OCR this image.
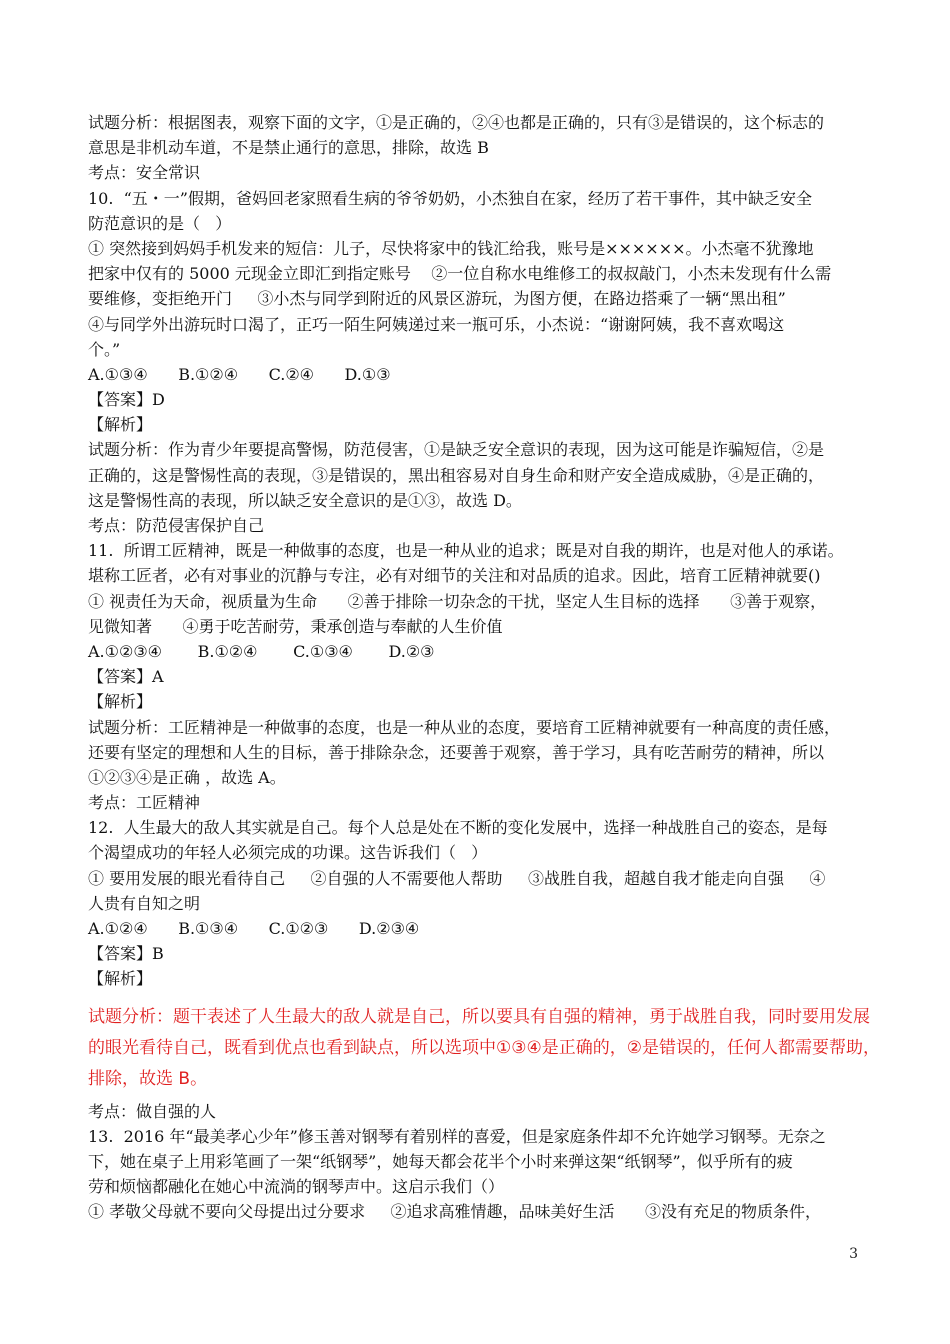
试题分析：根据图表，观察下面的文字，①是正确的，②④也都是正确的，只有③是错误的，这个标志的
意思是非机动车道，不是禁止通行的意思，排除，故选 B
考点：安全常识
10.  “五・一”假期，爸妈回老家照看生病的爷爷奶奶，小杰独自在家，经历了若干事件，其中缺乏安全
防范意识的是（   ）
① 突然接到妈妈手机发来的短信：儿子，尽快将家中的钱汇给我，账号是××××××。小杰毫不犹豫地
把家中仅有的 5000 元现金立即汇到指定账号    ②一位自称水电维修工的叔叔敲门，小杰未发现有什么需
要维修，变拒绝开门     ③小杰与同学到附近的风景区游玩，为图方便，在路边搭乘了一辆“黑出租”
④与同学外出游玩时口渴了，正巧一陌生阿姨递过来一瓶可乐，小杰说：“谢谢阿姨，我不喜欢喝这
个。”
A.①③④      B.①②④      C.②④      D.①③
【答案】D
【解析】
试题分析：作为青少年要提高警惕，防范侵害，①是缺乏安全意识的表现，因为这可能是诈骗短信，②是
正确的，这是警惕性高的表现，③是错误的，黑出租容易对自身生命和财产安全造成威胁，④是正确的，
这是警惕性高的表现，所以缺乏安全意识的是①③，故选 D。
考点：防范侵害保护自己
11.  所谓工匠精神，既是一种做事的态度，也是一种从业的追求；既是对自我的期许，也是对他人的承诺。
堪称工匠者，必有对事业的沉静与专注，必有对细节的关注和对品质的追求。因此，培育工匠精神就要()
① 视责任为天命，视质量为生命      ②善于排除一切杂念的干扰，坚定人生目标的选择      ③善于观察，
见微知著      ④勇于吃苦耐劳，秉承创造与奉献的人生价值
A.①②③④       B.①②④       C.①③④       D.②③
【答案】A
【解析】
试题分析：工匠精神是一种做事的态度，也是一种从业的态度，要培育工匠精神就要有一种高度的责任感，
还要有坚定的理想和人生的目标，善于排除杂念，还要善于观察，善于学习，具有吃苦耐劳的精神，所以
①②③④是正确 ，故选 A。
考点：工匠精神
12.  人生最大的敌人其实就是自己。每个人总是处在不断的变化发展中，选择一种战胜自己的姿态，是每
个渴望成功的年轻人必须完成的功课。这告诉我们（   ）
① 要用发展的眼光看待自己     ②自强的人不需要他人帮助     ③战胜自我，超越自我才能走向自强     ④
人贵有自知之明
A.①②④      B.①③④      C.①②③      D.②③④
【答案】B
【解析】
试题分析：题干表述了人生最大的敌人就是自己，所以要具有自强的精神，勇于战胜自我，同时要用发展
的眼光看待自己，既看到优点也看到缺点，所以选项中①③④是正确的，②是错误的，任何人都需要帮助，
排除，故选 B。
考点：做自强的人
13.  2016 年“最美孝心少年”修玉善对钢琴有着别样的喜爱，但是家庭条件却不允许她学习钢琴。无奈之
下，她在桌子上用彩笔画了一架“纸钢琴”，她每天都会花半个小时来弹这架“纸钢琴”，似乎所有的疲
劳和烦恼都融化在她心中流淌的钢琴声中。这启示我们（）
① 孝敬父母就不要向父母提出过分要求     ②追求高雅情趣，品味美好生活      ③没有充足的物质条件，
3
